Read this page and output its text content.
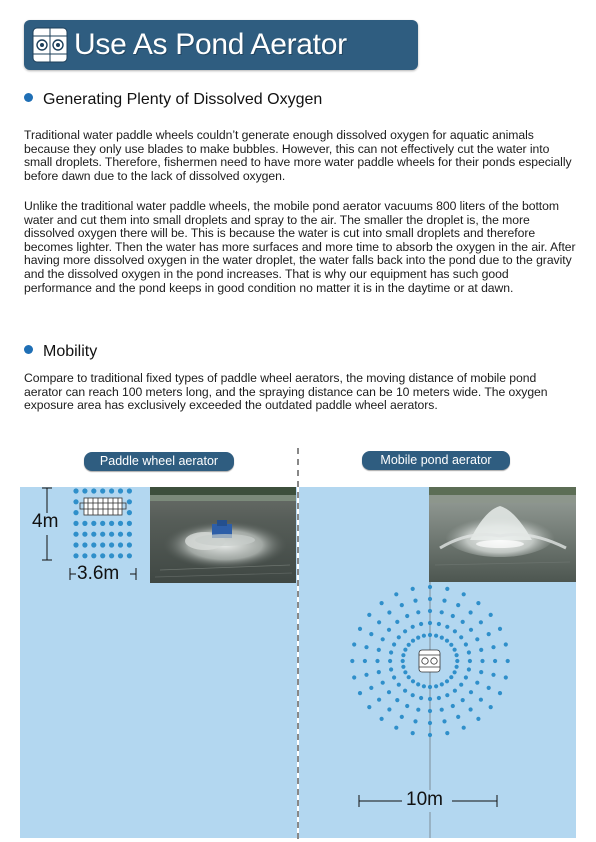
Use As Pond Aerator
Generating Plenty of Dissolved Oxygen
Traditional water paddle wheels couldn’t generate enough dissolved oxygen for aquatic animals because they only use blades to make bubbles. However, this can not effectively cut the water into small droplets. Therefore, fishermen need to have more water paddle wheels for their ponds especially before dawn due to the lack of dissolved oxygen.
Unlike the traditional water paddle wheels, the mobile pond aerator vacuums 800 liters of the bottom water and cut them into small droplets and spray to the air. The smaller the droplet is, the more dissolved oxygen there will be. This is because the water is cut into small droplets and therefore becomes lighter. Then the water has more surfaces and more time to absorb the oxygen in the air. After having more dissolved oxygen in the water droplet, the water falls back into the pond due to the gravity and the dissolved oxygen in the pond increases. That is why our equipment has such good performance and the pond keeps in good condition no matter it is in the daytime or at dawn.
Mobility
Compare to traditional fixed types of paddle wheel aerators, the moving distance of mobile pond aerator can reach 100 meters long, and the spraying distance can be 10 meters wide. The oxygen exposure area has exclusively exceeded the outdated paddle wheel aerators.
Paddle wheel aerator	Mobile pond aerator
4m
3.6m
10m
